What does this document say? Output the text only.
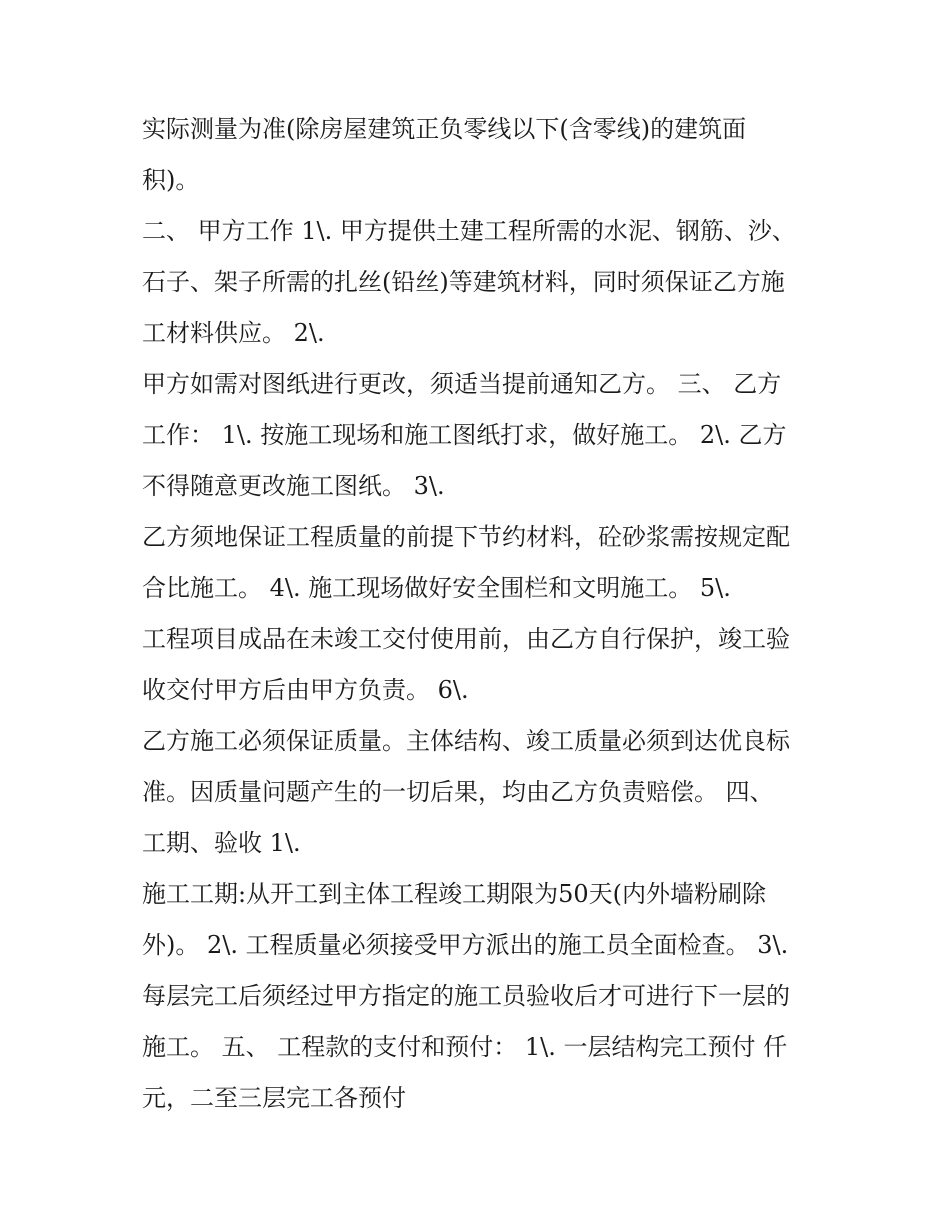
实际测量为准(除房屋建筑正负零线以下(含零线)的建筑面
积)。
二、 甲方工作 1\. 甲方提供土建工程所需的水泥、钢筋、沙、
石子、架子所需的扎丝(铅丝)等建筑材料，同时须保证乙方施
工材料供应。 2\.
甲方如需对图纸进行更改，须适当提前通知乙方。 三、 乙方
工作： 1\. 按施工现场和施工图纸打求，做好施工。 2\. 乙方
不得随意更改施工图纸。 3\.
乙方须地保证工程质量的前提下节约材料，砼砂浆需按规定配
合比施工。 4\. 施工现场做好安全围栏和文明施工。 5\.
工程项目成品在未竣工交付使用前，由乙方自行保护，竣工验
收交付甲方后由甲方负责。 6\.
乙方施工必须保证质量。主体结构、竣工质量必须到达优良标
准。因质量问题产生的一切后果，均由乙方负责赔偿。 四、
工期、验收 1\.
施工工期:从开工到主体工程竣工期限为50天(内外墙粉刷除
外)。 2\. 工程质量必须接受甲方派出的施工员全面检查。 3\.
每层完工后须经过甲方指定的施工员验收后才可进行下一层的
施工。 五、 工程款的支付和预付： 1\. 一层结构完工预付 仟
元，二至三层完工各预付
